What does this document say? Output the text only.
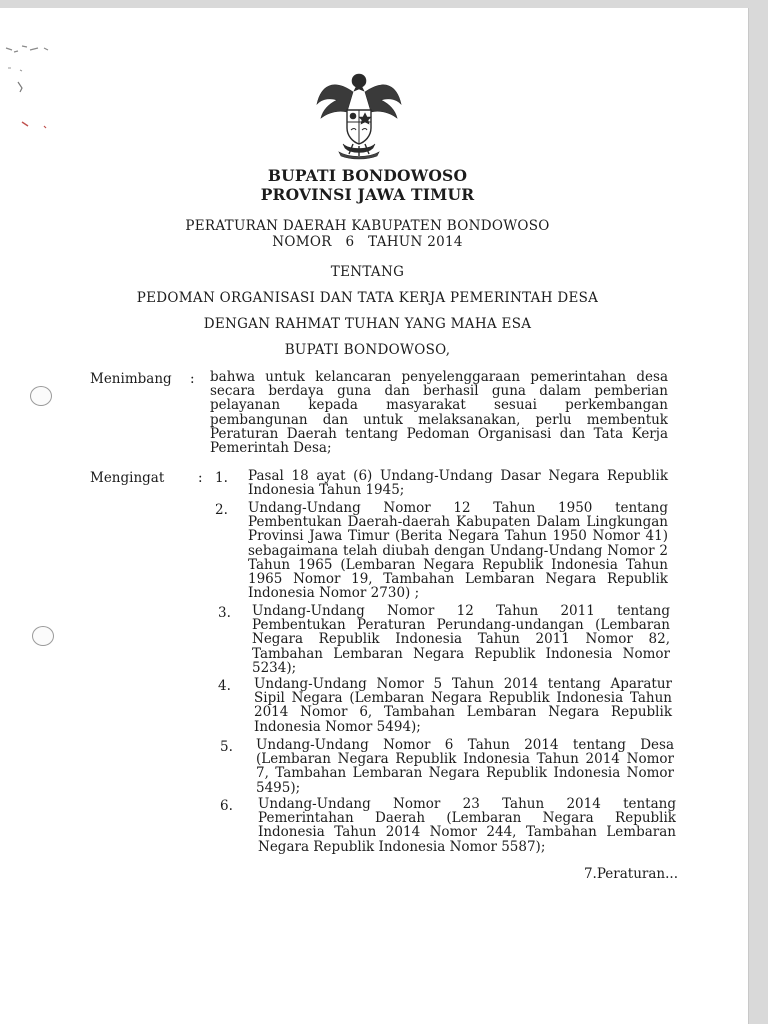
BUPATI BONDOWOSO
PROVINSI JAWA TIMUR
PERATURAN DAERAH KABUPATEN BONDOWOSO
NOMOR   6   TAHUN 2014
TENTANG
PEDOMAN ORGANISASI DAN TATA KERJA PEMERINTAH DESA
DENGAN RAHMAT TUHAN YANG MAHA ESA
BUPATI BONDOWOSO,
Menimbang : bahwa untuk kelancaran penyelenggaraan pemerintahan desa secara berdaya guna dan berhasil guna dalam pemberian pelayanan kepada masyarakat sesuai perkembangan pembangunan dan untuk melaksanakan, perlu membentuk Peraturan Daerah tentang Pedoman Organisasi dan Tata Kerja Pemerintah Desa;
Mengingat : 1. Pasal 18 ayat (6) Undang-Undang Dasar Negara Republik Indonesia Tahun 1945;
2. Undang-Undang Nomor 12 Tahun 1950 tentang Pembentukan Daerah-daerah Kabupaten Dalam Lingkungan Provinsi Jawa Timur (Berita Negara Tahun 1950 Nomor 41) sebagaimana telah diubah dengan Undang-Undang Nomor 2 Tahun 1965 (Lembaran Negara Republik Indonesia Tahun 1965 Nomor 19, Tambahan Lembaran Negara Republik Indonesia Nomor 2730) ;
3. Undang-Undang Nomor 12 Tahun 2011 tentang Pembentukan Peraturan Perundang-undangan (Lembaran Negara Republik Indonesia Tahun 2011 Nomor 82, Tambahan Lembaran Negara Republik Indonesia Nomor 5234);
4. Undang-Undang Nomor 5 Tahun 2014 tentang Aparatur Sipil Negara (Lembaran Negara Republik Indonesia Tahun 2014 Nomor 6, Tambahan Lembaran Negara Republik Indonesia Nomor 5494);
5. Undang-Undang Nomor 6 Tahun 2014 tentang Desa (Lembaran Negara Republik Indonesia Tahun 2014 Nomor 7, Tambahan Lembaran Negara Republik Indonesia Nomor 5495);
6. Undang-Undang Nomor 23 Tahun 2014 tentang Pemerintahan Daerah (Lembaran Negara Republik Indonesia Tahun 2014 Nomor 244, Tambahan Lembaran Negara Republik Indonesia Nomor 5587);
7.Peraturan...
